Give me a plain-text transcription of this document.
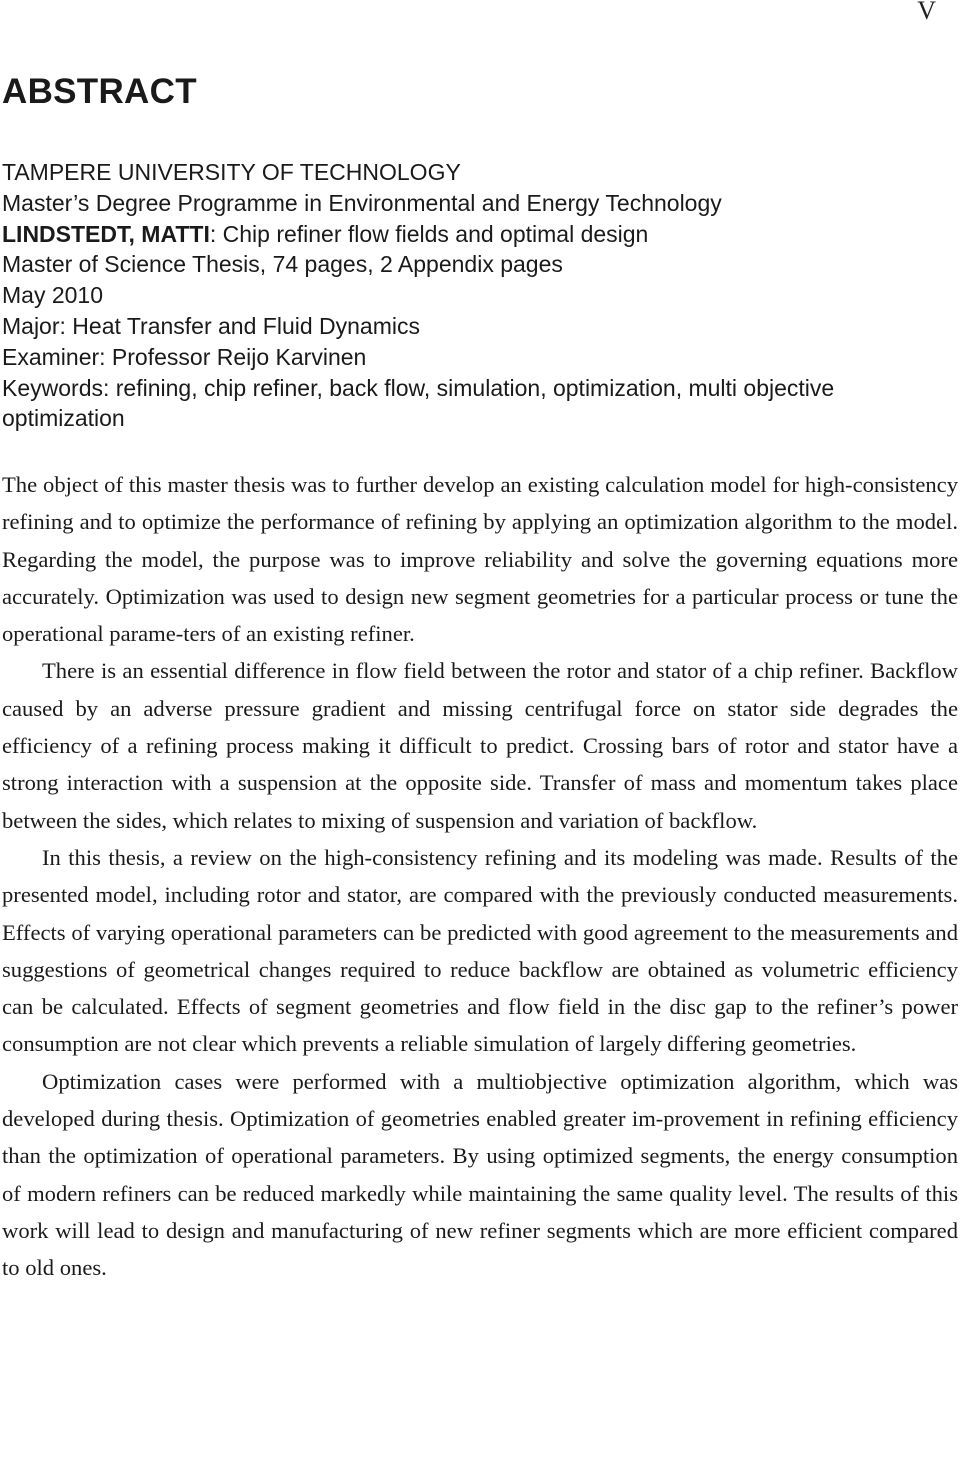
V
ABSTRACT
TAMPERE UNIVERSITY OF TECHNOLOGY
Master’s Degree Programme in Environmental and Energy Technology
LINDSTEDT, MATTI: Chip refiner flow fields and optimal design
Master of Science Thesis, 74 pages, 2 Appendix pages
May 2010
Major: Heat Transfer and Fluid Dynamics
Examiner: Professor Reijo Karvinen
Keywords: refining, chip refiner, back flow, simulation, optimization, multi objective optimization

The object of this master thesis was to further develop an existing calculation model for high-consistency refining and to optimize the performance of refining by applying an optimization algorithm to the model. Regarding the model, the purpose was to improve reliability and solve the governing equations more accurately. Optimization was used to design new segment geometries for a particular process or tune the operational parame-ters of an existing refiner.

There is an essential difference in flow field between the rotor and stator of a chip refiner. Backflow caused by an adverse pressure gradient and missing centrifugal force on stator side degrades the efficiency of a refining process making it difficult to predict. Crossing bars of rotor and stator have a strong interaction with a suspension at the opposite side. Transfer of mass and momentum takes place between the sides, which relates to mixing of suspension and variation of backflow.

In this thesis, a review on the high-consistency refining and its modeling was made. Results of the presented model, including rotor and stator, are compared with the previously conducted measurements. Effects of varying operational parameters can be predicted with good agreement to the measurements and suggestions of geometrical changes required to reduce backflow are obtained as volumetric efficiency can be calculated. Effects of segment geometries and flow field in the disc gap to the refiner’s power consumption are not clear which prevents a reliable simulation of largely differing geometries.

Optimization cases were performed with a multiobjective optimization algorithm, which was developed during thesis. Optimization of geometries enabled greater im-provement in refining efficiency than the optimization of operational parameters. By using optimized segments, the energy consumption of modern refiners can be reduced markedly while maintaining the same quality level. The results of this work will lead to design and manufacturing of new refiner segments which are more efficient compared to old ones.
